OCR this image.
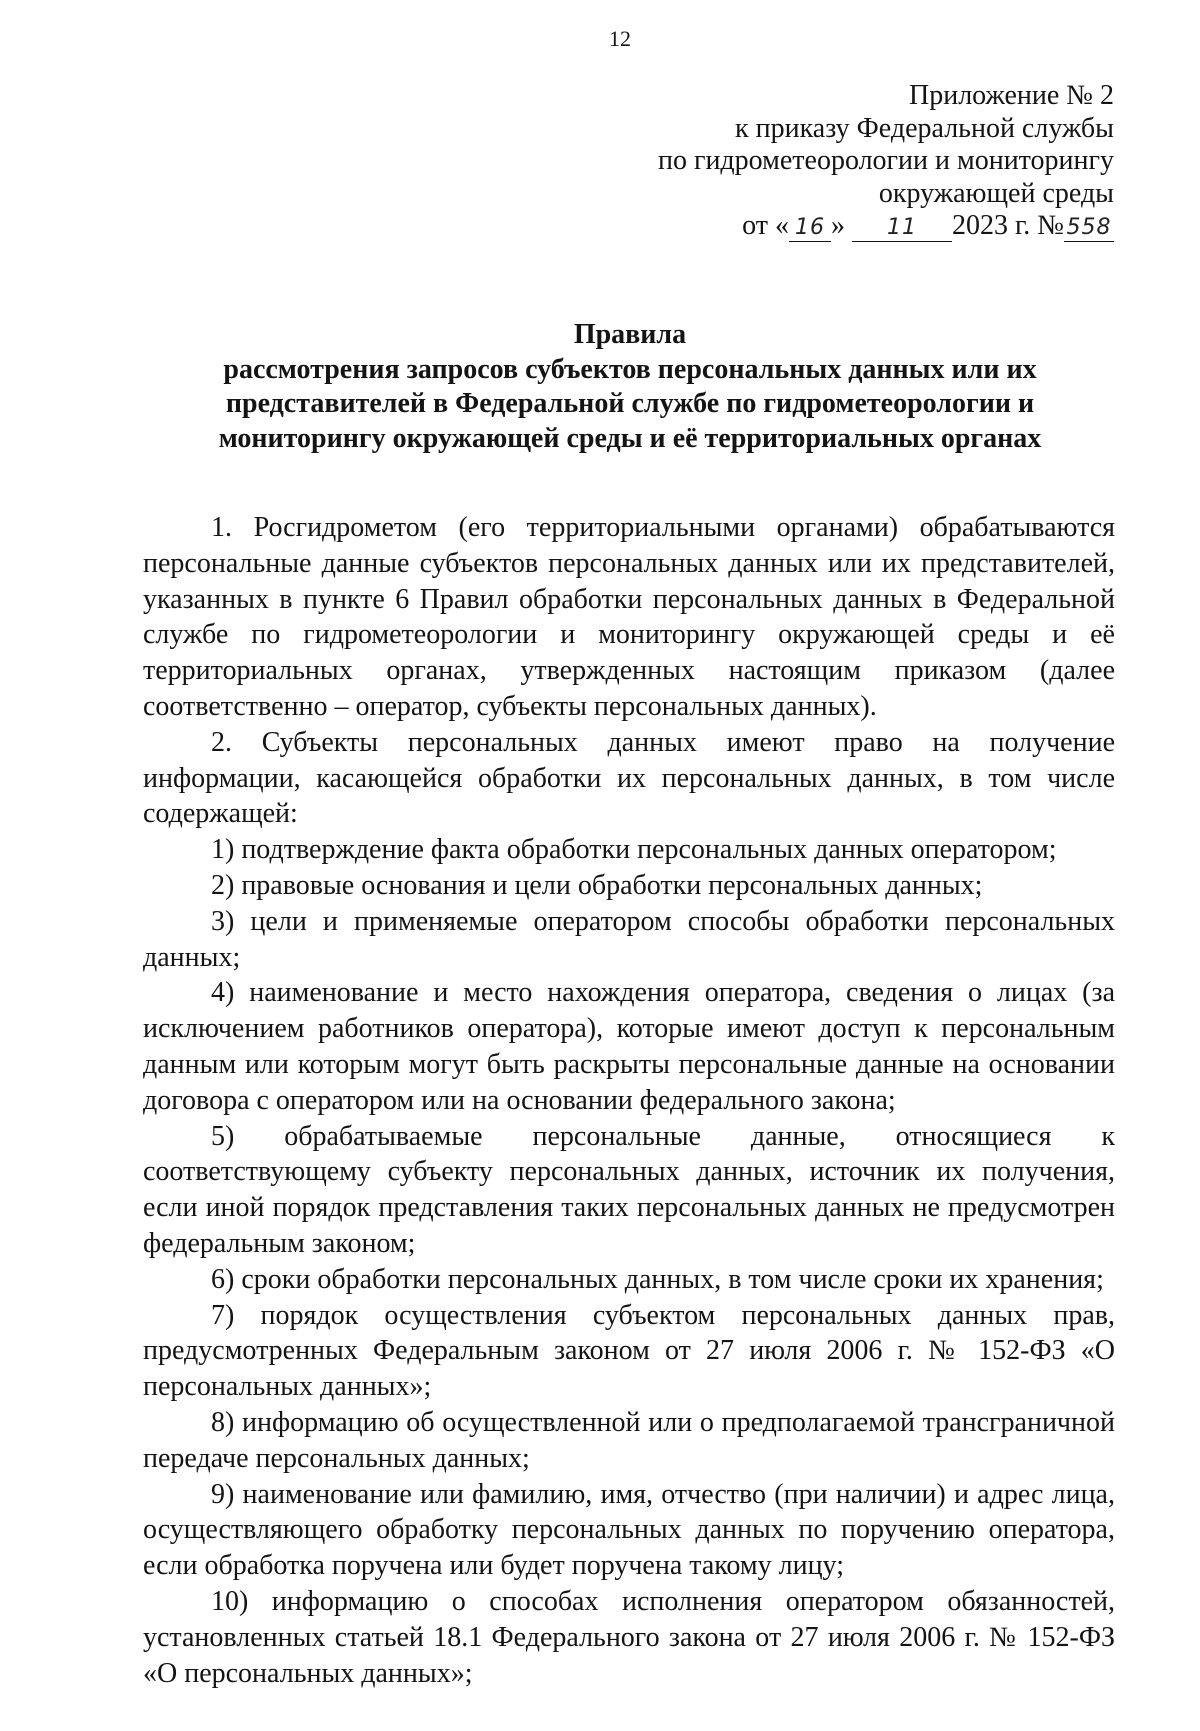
12
Приложение № 2
к приказу Федеральной службы
по гидрометеорологии и мониторингу
окружающей среды
от « 16 » 11 2023 г. № 558
Правила
рассмотрения запросов субъектов персональных данных или их
представителей в Федеральной службе по гидрометеорологии и
мониторингу окружающей среды и её территориальных органах

1. Росгидрометом (его территориальными органами) обрабатываются персональные данные субъектов персональных данных или их представителей, указанных в пункте 6 Правил обработки персональных данных в Федеральной службе по гидрометеорологии и мониторингу окружающей среды и её территориальных органах, утвержденных настоящим приказом (далее соответственно – оператор, субъекты персональных данных).

2. Субъекты персональных данных имеют право на получение информации, касающейся обработки их персональных данных, в том числе содержащей:

1) подтверждение факта обработки персональных данных оператором;

2) правовые основания и цели обработки персональных данных;

3) цели и применяемые оператором способы обработки персональных данных;

4) наименование и место нахождения оператора, сведения о лицах (за исключением работников оператора), которые имеют доступ к персональным данным или которым могут быть раскрыты персональные данные на основании договора с оператором или на основании федерального закона;

5) обрабатываемые персональные данные, относящиеся к соответствующему субъекту персональных данных, источник их получения, если иной порядок представления таких персональных данных не предусмотрен федеральным законом;

6) сроки обработки персональных данных, в том числе сроки их хранения;

7) порядок осуществления субъектом персональных данных прав, предусмотренных Федеральным законом от 27 июля 2006 г. № 152-ФЗ «О персональных данных»;

8) информацию об осуществленной или о предполагаемой трансграничной передаче персональных данных;

9) наименование или фамилию, имя, отчество (при наличии) и адрес лица, осуществляющего обработку персональных данных по поручению оператора, если обработка поручена или будет поручена такому лицу;

10) информацию о способах исполнения оператором обязанностей, установленных статьей 18.1 Федерального закона от 27 июля 2006 г. № 152-ФЗ «О персональных данных»;
